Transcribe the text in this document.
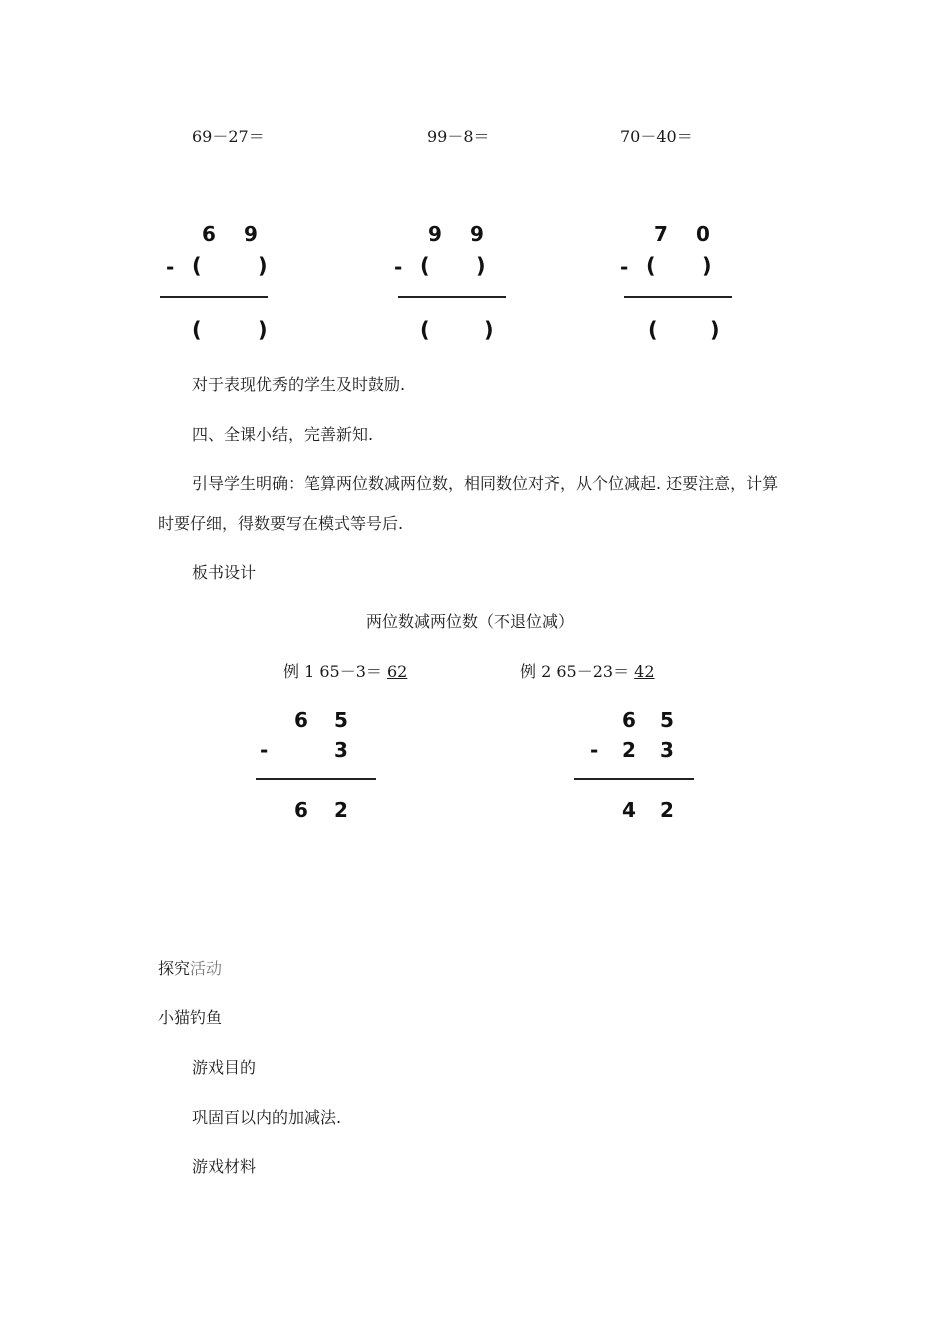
69－27＝	99－8＝	70－40＝
6 9
- (	)
(	)
9 9
- ( )
(	)
7 0
- ( )
( )
对于表现优秀的学生及时鼓励.
四、全课小结，完善新知.
引导学生明确：笔算两位数减两位数，相同数位对齐，从个位减起. 还要注意，计算
时要仔细，得数要写在模式等号后.
板书设计
两位数减两位数（不退位减）
例 1 65－3＝ 62	例 2 65－23＝ 42
6 5
-	3
6 2
6 5
- 2 3
4 2
探究活动
小猫钓鱼
游戏目的
巩固百以内的加减法.
游戏材料
